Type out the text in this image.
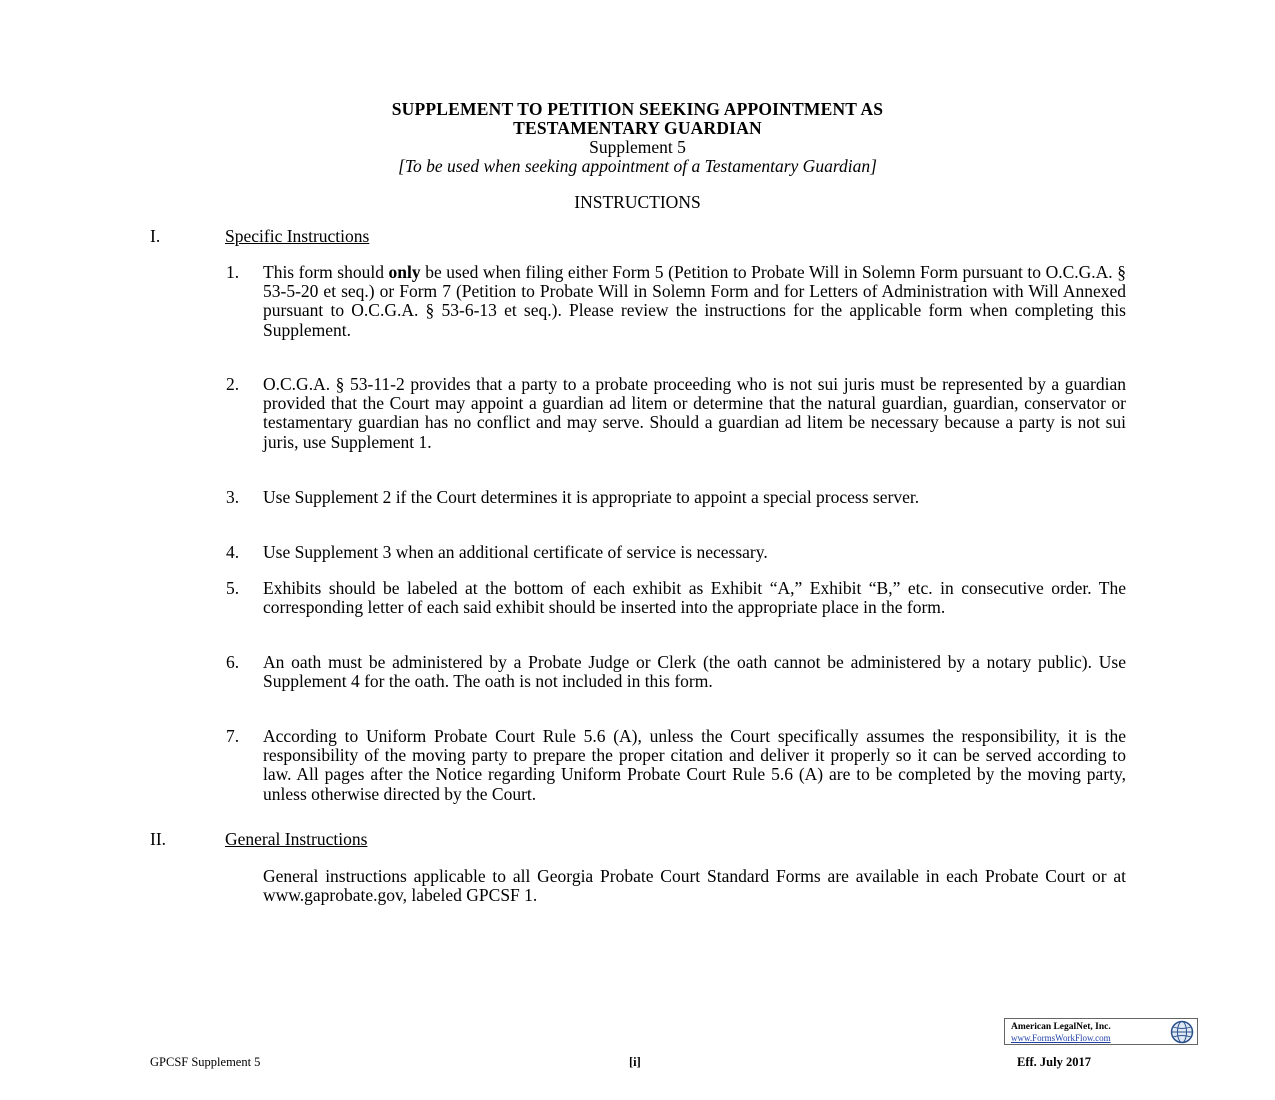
SUPPLEMENT TO PETITION SEEKING APPOINTMENT AS
TESTAMENTARY GUARDIAN
Supplement 5
[To be used when seeking appointment of a Testamentary Guardian]
INSTRUCTIONS
I.	Specific Instructions
1.	This form should only be used when filing either Form 5 (Petition to Probate Will in Solemn Form pursuant to O.C.G.A. § 53-5-20 et seq.) or Form 7 (Petition to Probate Will in Solemn Form and for Letters of Administration with Will Annexed pursuant to O.C.G.A. § 53-6-13 et seq.). Please review the instructions for the applicable form when completing this Supplement.
2.	O.C.G.A. § 53-11-2 provides that a party to a probate proceeding who is not sui juris must be represented by a guardian provided that the Court may appoint a guardian ad litem or determine that the natural guardian, guardian, conservator or testamentary guardian has no conflict and may serve. Should a guardian ad litem be necessary because a party is not sui juris, use Supplement 1.
3.	Use Supplement 2 if the Court determines it is appropriate to appoint a special process server.
4.	Use Supplement 3 when an additional certificate of service is necessary.
5.	Exhibits should be labeled at the bottom of each exhibit as Exhibit “A,” Exhibit “B,” etc. in consecutive order. The corresponding letter of each said exhibit should be inserted into the appropriate place in the form.
6.	An oath must be administered by a Probate Judge or Clerk (the oath cannot be administered by a notary public). Use Supplement 4 for the oath. The oath is not included in this form.
7.	According to Uniform Probate Court Rule 5.6 (A), unless the Court specifically assumes the responsibility, it is the responsibility of the moving party to prepare the proper citation and deliver it properly so it can be served according to law. All pages after the Notice regarding Uniform Probate Court Rule 5.6 (A) are to be completed by the moving party, unless otherwise directed by the Court.
II.	General Instructions
General instructions applicable to all Georgia Probate Court Standard Forms are available in each Probate Court or at www.gaprobate.gov, labeled GPCSF 1.
American LegalNet, Inc.
www.FormsWorkFlow.com
GPCSF Supplement 5	[i]	Eff. July 2017
